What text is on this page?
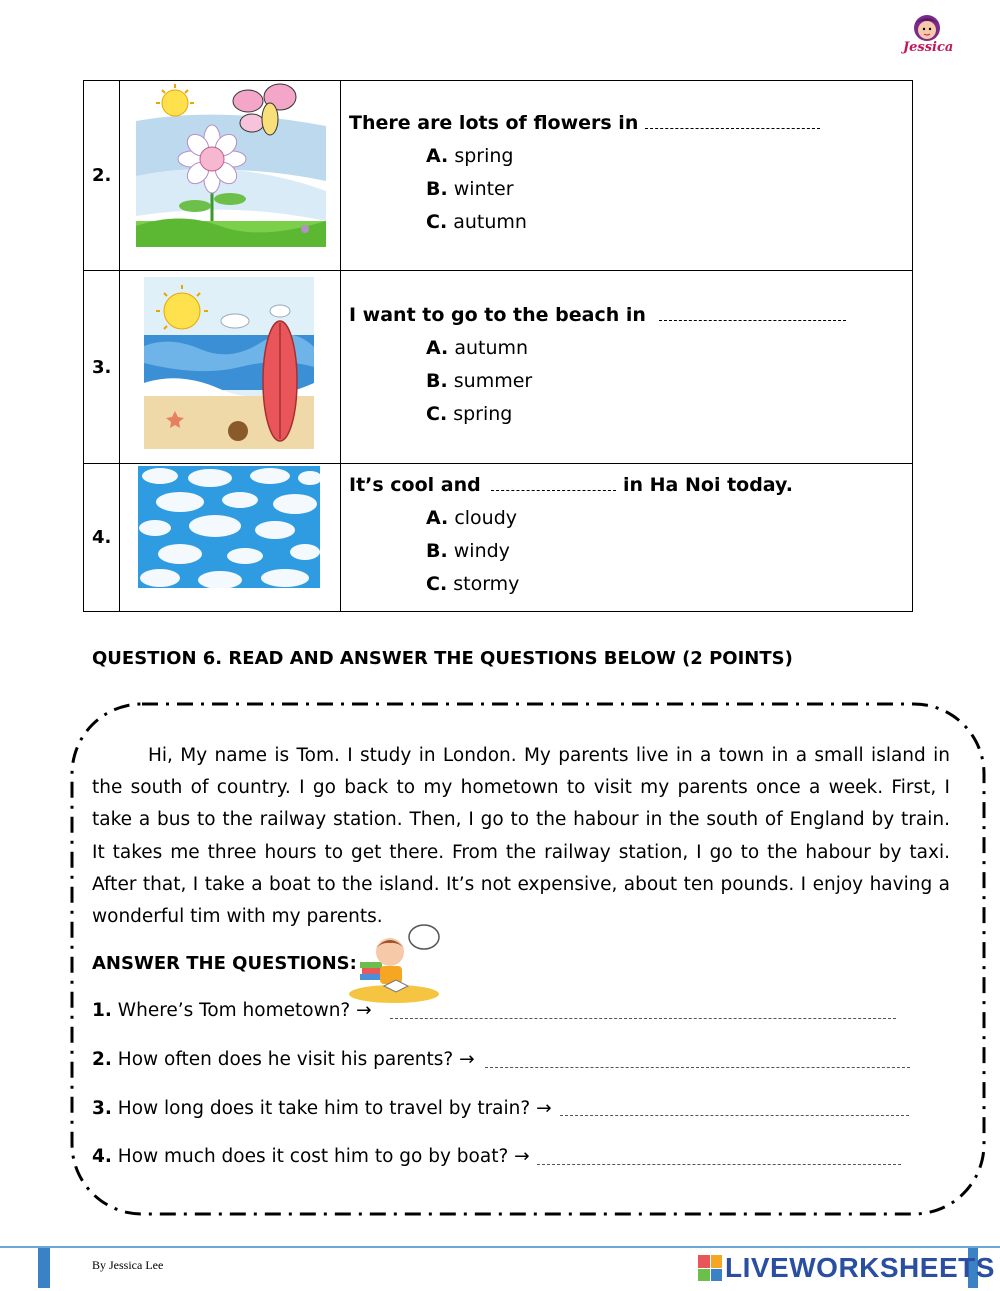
Jessica
2.		There are lots of flowers in
A. spring
B. winter
C. autumn

3.		I want to go to the beach in
A. autumn
B. summer
C. spring

4.		It’s cool and in Ha Noi today.
A. cloudy
B. windy
C. stormy
QUESTION 6. READ AND ANSWER THE QUESTIONS BELOW (2 POINTS)
Hi, My name is Tom. I study in London. My parents live in a town in a small island in the south of country. I go back to my hometown to visit my parents once a week. First, I take a bus to the railway station. Then, I go to the habour in the south of England by train. It takes me three hours to get there. From the railway station, I go to the habour by taxi. After that, I take a boat to the island. It’s not expensive, about ten pounds. I enjoy having a wonderful tim with my parents.
ANSWER THE QUESTIONS:
1. Where’s Tom hometown? →
2. How often does he visit his parents? →
3. How long does it take him to travel by train? →
4. How much does it cost him to go by boat? →
By Jessica Lee	LIVEWORKSHEETS
